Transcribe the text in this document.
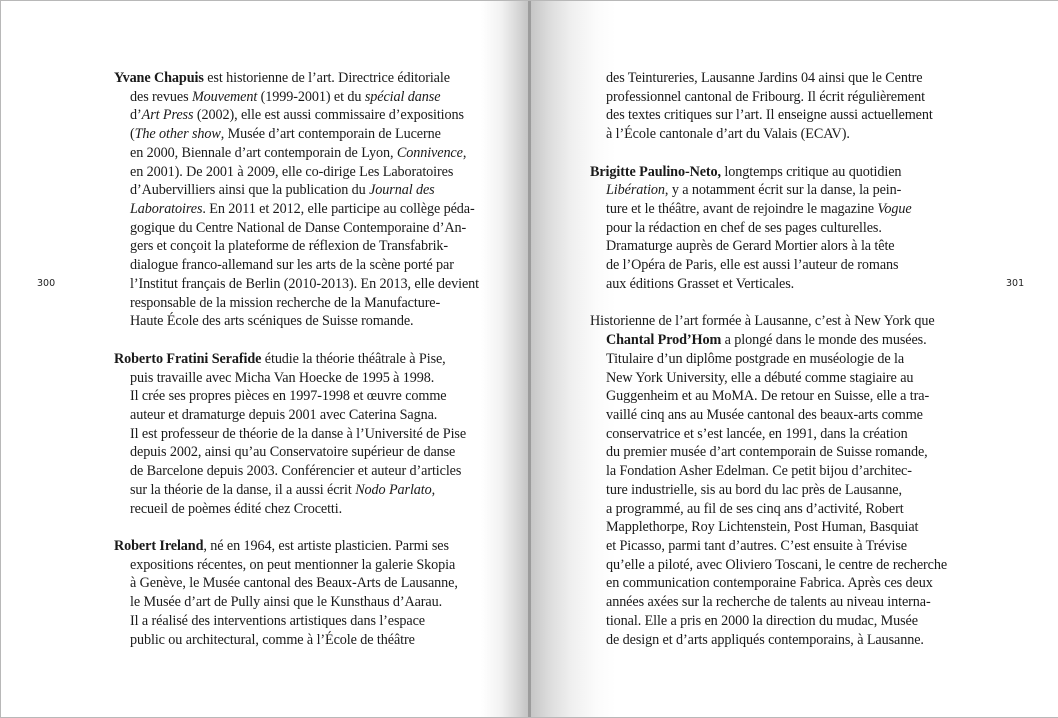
300
Yvane Chapuis est historienne de l’art. Directrice éditoriale
des revues Mouvement (1999-2001) et du spécial danse
d’Art Press (2002), elle est aussi commissaire d’expositions
(The other show, Musée d’art contemporain de Lucerne
en 2000, Biennale d’art contemporain de Lyon, Connivence,
en 2001). De 2001 à 2009, elle co-dirige Les Laboratoires
d’Aubervilliers ainsi que la publication du Journal des
Laboratoires. En 2011 et 2012, elle participe au collège péda-
gogique du Centre National de Danse Contemporaine d’An-
gers et conçoit la plateforme de réflexion de Transfabrik-
dialogue franco-allemand sur les arts de la scène porté par
l’Institut français de Berlin (2010-2013). En 2013, elle devient
responsable de la mission recherche de la Manufacture-
Haute École des arts scéniques de Suisse romande.
Roberto Fratini Serafide étudie la théorie théâtrale à Pise,
puis travaille avec Micha Van Hoecke de 1995 à 1998.
Il crée ses propres pièces en 1997-1998 et œuvre comme
auteur et dramaturge depuis 2001 avec Caterina Sagna.
Il est professeur de théorie de la danse à l’Université de Pise
depuis 2002, ainsi qu’au Conservatoire supérieur de danse
de Barcelone depuis 2003. Conférencier et auteur d’articles
sur la théorie de la danse, il a aussi écrit Nodo Parlato,
recueil de poèmes édité chez Crocetti.
Robert Ireland, né en 1964, est artiste plasticien. Parmi ses
expositions récentes, on peut mentionner la galerie Skopia
à Genève, le Musée cantonal des Beaux-Arts de Lausanne,
le Musée d’art de Pully ainsi que le Kunsthaus d’Aarau.
Il a réalisé des interventions artistiques dans l’espace
public ou architectural, comme à l’École de théâtre
301
des Teintureries, Lausanne Jardins 04 ainsi que le Centre
professionnel cantonal de Fribourg. Il écrit régulièrement
des textes critiques sur l’art. Il enseigne aussi actuellement
à l’École cantonale d’art du Valais (ECAV).
Brigitte Paulino-Neto, longtemps critique au quotidien
Libération, y a notamment écrit sur la danse, la pein-
ture et le théâtre, avant de rejoindre le magazine Vogue
pour la rédaction en chef de ses pages culturelles.
Dramaturge auprès de Gerard Mortier alors à la tête
de l’Opéra de Paris, elle est aussi l’auteur de romans
aux éditions Grasset et Verticales.
Historienne de l’art formée à Lausanne, c’est à New York que
Chantal Prod’Hom a plongé dans le monde des musées.
Titulaire d’un diplôme postgrade en muséologie de la
New York University, elle a débuté comme stagiaire au
Guggenheim et au MoMA. De retour en Suisse, elle a tra-
vaillé cinq ans au Musée cantonal des beaux-arts comme
conservatrice et s’est lancée, en 1991, dans la création
du premier musée d’art contemporain de Suisse romande,
la Fondation Asher Edelman. Ce petit bijou d’architec-
ture industrielle, sis au bord du lac près de Lausanne,
a programmé, au fil de ses cinq ans d’activité, Robert
Mapplethorpe, Roy Lichtenstein, Post Human, Basquiat
et Picasso, parmi tant d’autres. C’est ensuite à Trévise
qu’elle a piloté, avec Oliviero Toscani, le centre de recherche
en communication contemporaine Fabrica. Après ces deux
années axées sur la recherche de talents au niveau interna-
tional. Elle a pris en 2000 la direction du mudac, Musée
de design et d’arts appliqués contemporains, à Lausanne.
